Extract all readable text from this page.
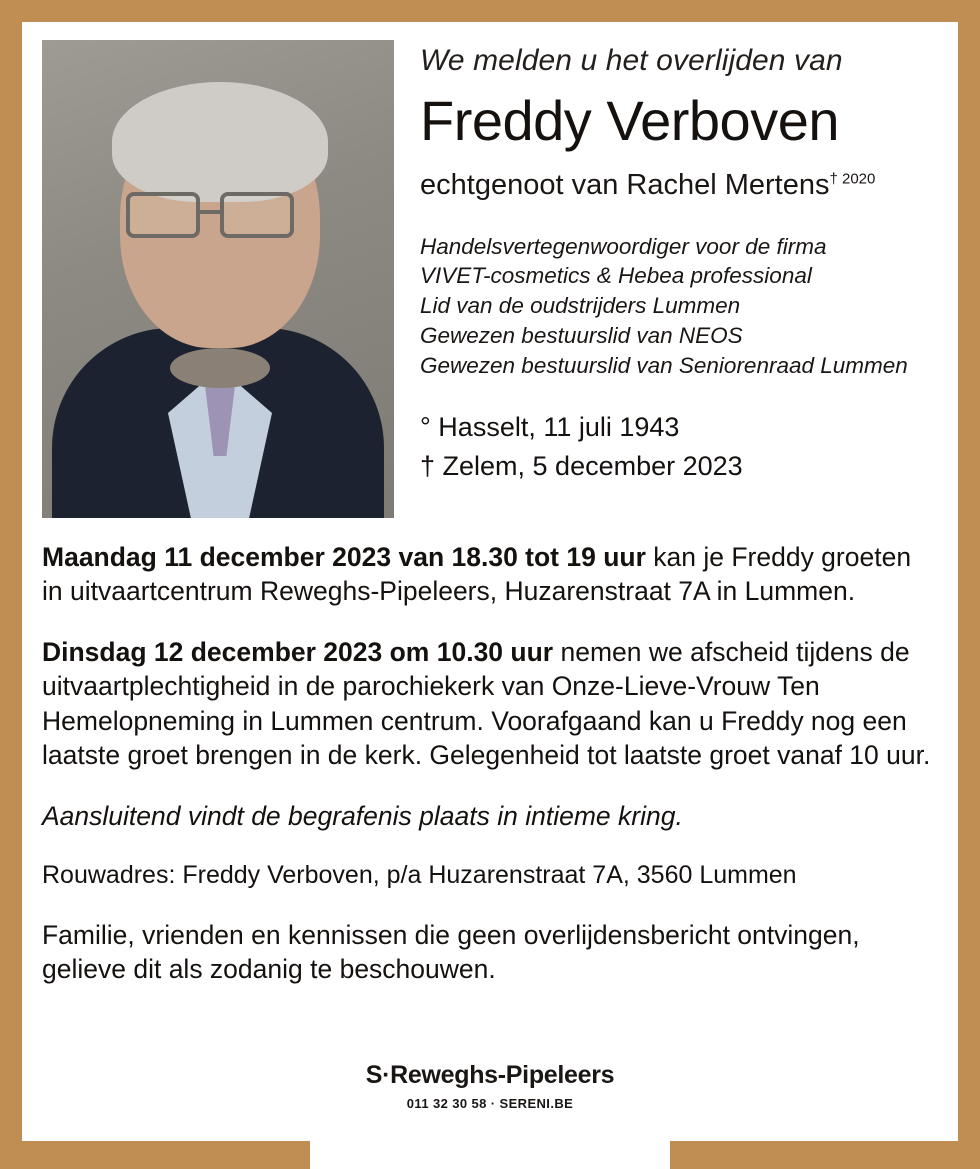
We melden u het overlijden van
Freddy Verboven
echtgenoot van Rachel Mertens$^{\dagger 2020}$
Handelsvertegenwoordiger voor de firma
VIVET-cosmetics & Hebea professional
Lid van de oudstrijders Lummen
Gewezen bestuurslid van NEOS
Gewezen bestuurslid van Seniorenraad Lummen
° Hasselt, 11 juli 1943
† Zelem, 5 december 2023
Maandag 11 december 2023 van 18.30 tot 19 uur kan je Freddy groeten in uitvaartcentrum Reweghs-Pipeleers, Huzarenstraat 7A in Lummen.
Dinsdag 12 december 2023 om 10.30 uur nemen we afscheid tijdens de uitvaartplechtigheid in de parochiekerk van Onze-Lieve-Vrouw Ten Hemelopneming in Lummen centrum. Voorafgaand kan u Freddy nog een laatste groet brengen in de kerk. Gelegenheid tot laatste groet vanaf 10 uur.
Aansluitend vindt de begrafenis plaats in intieme kring.
Rouwadres: Freddy Verboven, p/a Huzarenstraat 7A, 3560 Lummen
Familie, vrienden en kennissen die geen overlijdensbericht ontvingen, gelieve dit als zodanig te beschouwen.
S·Reweghs-Pipeleers
011 32 30 58 · SERENI.BE
